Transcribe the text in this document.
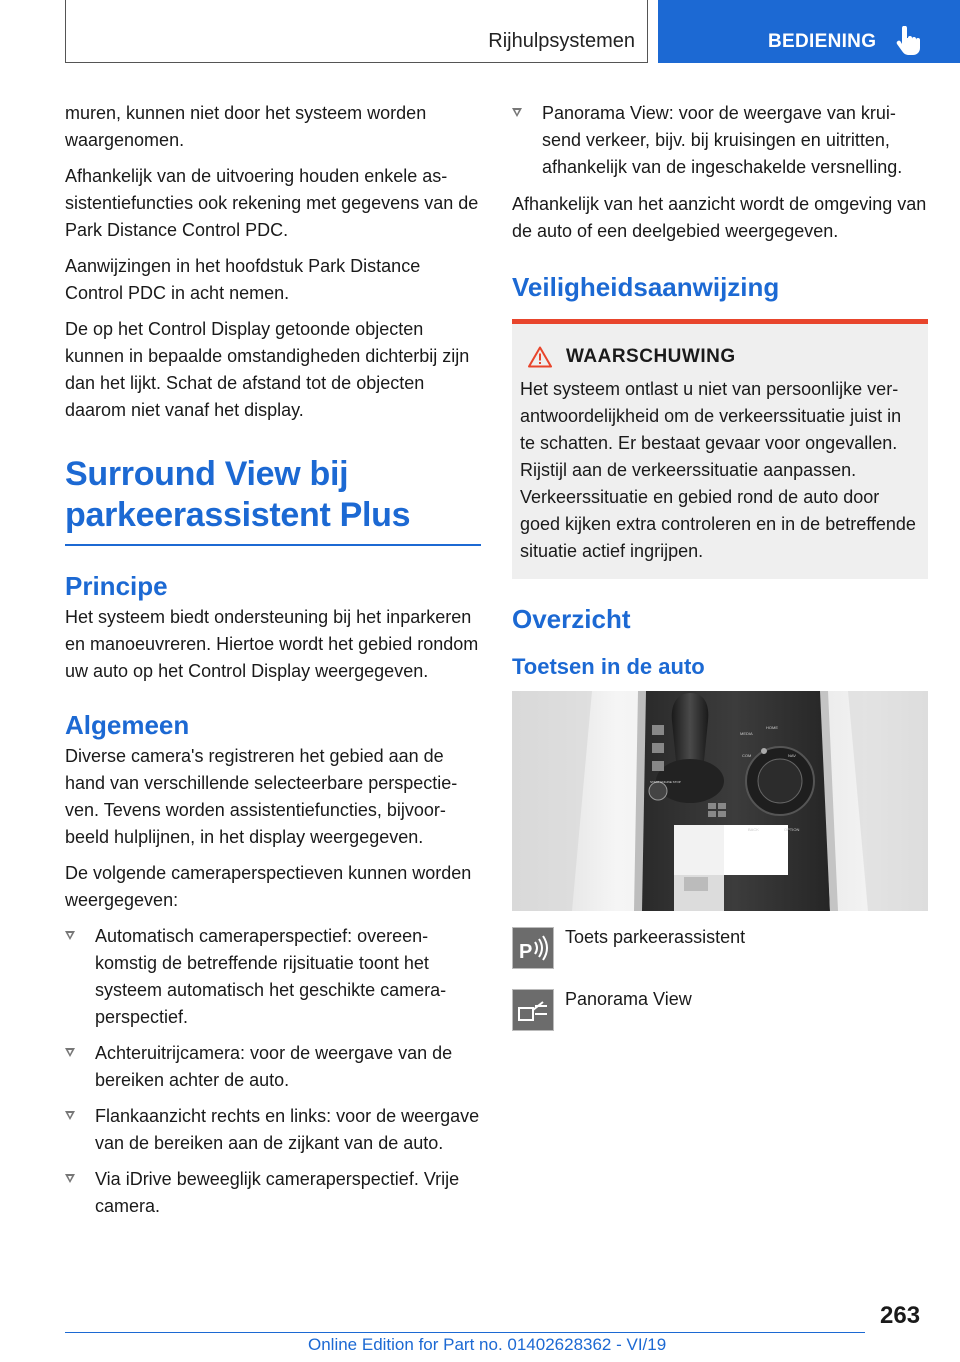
Rijhulpsystemen	BEDIENING

muren, kunnen niet door het systeem worden waargenomen.

Afhankelijk van de uitvoering houden enkele assistentiefuncties ook rekening met gegevens van de Park Distance Control PDC.

Aanwijzingen in het hoofdstuk Park Distance Control PDC in acht nemen.

De op het Control Display getoonde objecten kunnen in bepaalde omstandigheden dichterbij zijn dan het lijkt. Schat de afstand tot de objecten daarom niet vanaf het display.

Surround View bij parkeerassistent Plus
Principe

Het systeem biedt ondersteuning bij het inparkeren en manoeuvreren. Hiertoe wordt het gebied rondom uw auto op het Control Display weergegeven.

Algemeen

Diverse camera's registreren het gebied aan de hand van verschillende selecteerbare perspectieven. Tevens worden assistentiefuncties, bijvoorbeeld hulplijnen, in het display weergegeven.

De volgende cameraperspectieven kunnen worden weergegeven:

Automatisch cameraperspectief: overeenkomstig de betreffende rijsituatie toont het systeem automatisch het geschikte cameraperspectief.
Achteruitrijcamera: voor de weergave van de bereiken achter de auto.
Flankaanzicht rechts en links: voor de weergave van de bereiken aan de zijkant van de auto.
Via iDrive beweeglijk cameraperspectief. Vrije camera.
Panorama View: voor de weergave van kruisend verkeer, bijv. bij kruisingen en uitritten, afhankelijk van de ingeschakelde versnelling.

Afhankelijk van het aanzicht wordt de omgeving van de auto of een deelgebied weergegeven.

Veiligheidsaanwijzing
WAARSCHUWING

Het systeem ontlast u niet van persoonlijke verantwoordelijkheid om de verkeerssituatie juist in te schatten. Er bestaat gevaar voor ongevallen. Rijstijl aan de verkeerssituatie aanpassen.

Verkeerssituatie en gebied rond de auto door goed kijken extra controleren en in de betreffende situatie actief ingrijpen.

Overzicht
Toetsen in de auto
MEDIA
HOME
COM	NAV
BACK	OPTION
START ENGINE STOP
P
Toets parkeerassistent
Panorama View
263
Online Edition for Part no. 01402628362 - VI/19
